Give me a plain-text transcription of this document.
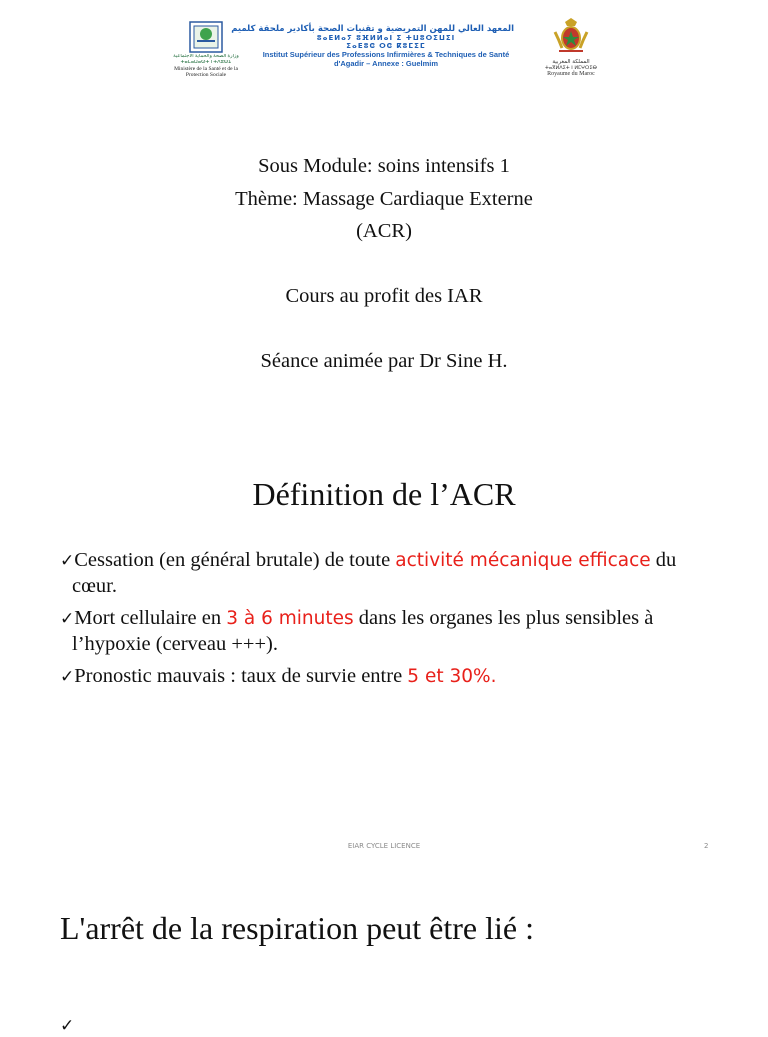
وزارة الصحة والحماية الاجتماعية
ⵜⴰⵎⴰⵡⴰⵙⵜ ⵏ ⵜⴷⵓⵙⵉ
Ministère de la Santé et de la
Protection Sociale
المعهد العالي للمهن التمريضية و تقنيات الصحة بأكادير ملحقة كلميم
ⵓⴰⴹⵍⴰⵢ ⵓⴼⵍⵍⴰⵏ ⵉ ⵜⵡⵓⵔⵉⵡⵉⵏ
ⵉⴰⴹⵓⵛ ⵔⵛ ⴽⵓⵎⵉⵎ
Institut Supérieur des Professions Infirmières & Techniques de Santé
d'Agadir – Annexe : Guelmim	المملكة المغربية
ⵜⴰⴳⵍⴷⵉⵜ ⵏ ⵍⵎⵖⵔⵉⴱ
Royaume du Maroc

Sous Module: soins intensifs 1

Thème: Massage Cardiaque Externe

(ACR)

Cours au profit des IAR

Séance animée par Dr Sine H.

Définition de l’ACR
✓Cessation (en général brutale) de toute activité mécanique efficace du cœur.
✓Mort cellulaire en 3 à 6 minutes dans les organes les plus sensibles à l’hypoxie (cerveau +++).
✓Pronostic mauvais : taux de survie entre 5 et 30%.
EIAR CYCLE LICENCE	2
L'arrêt de la respiration peut être lié :
✓
